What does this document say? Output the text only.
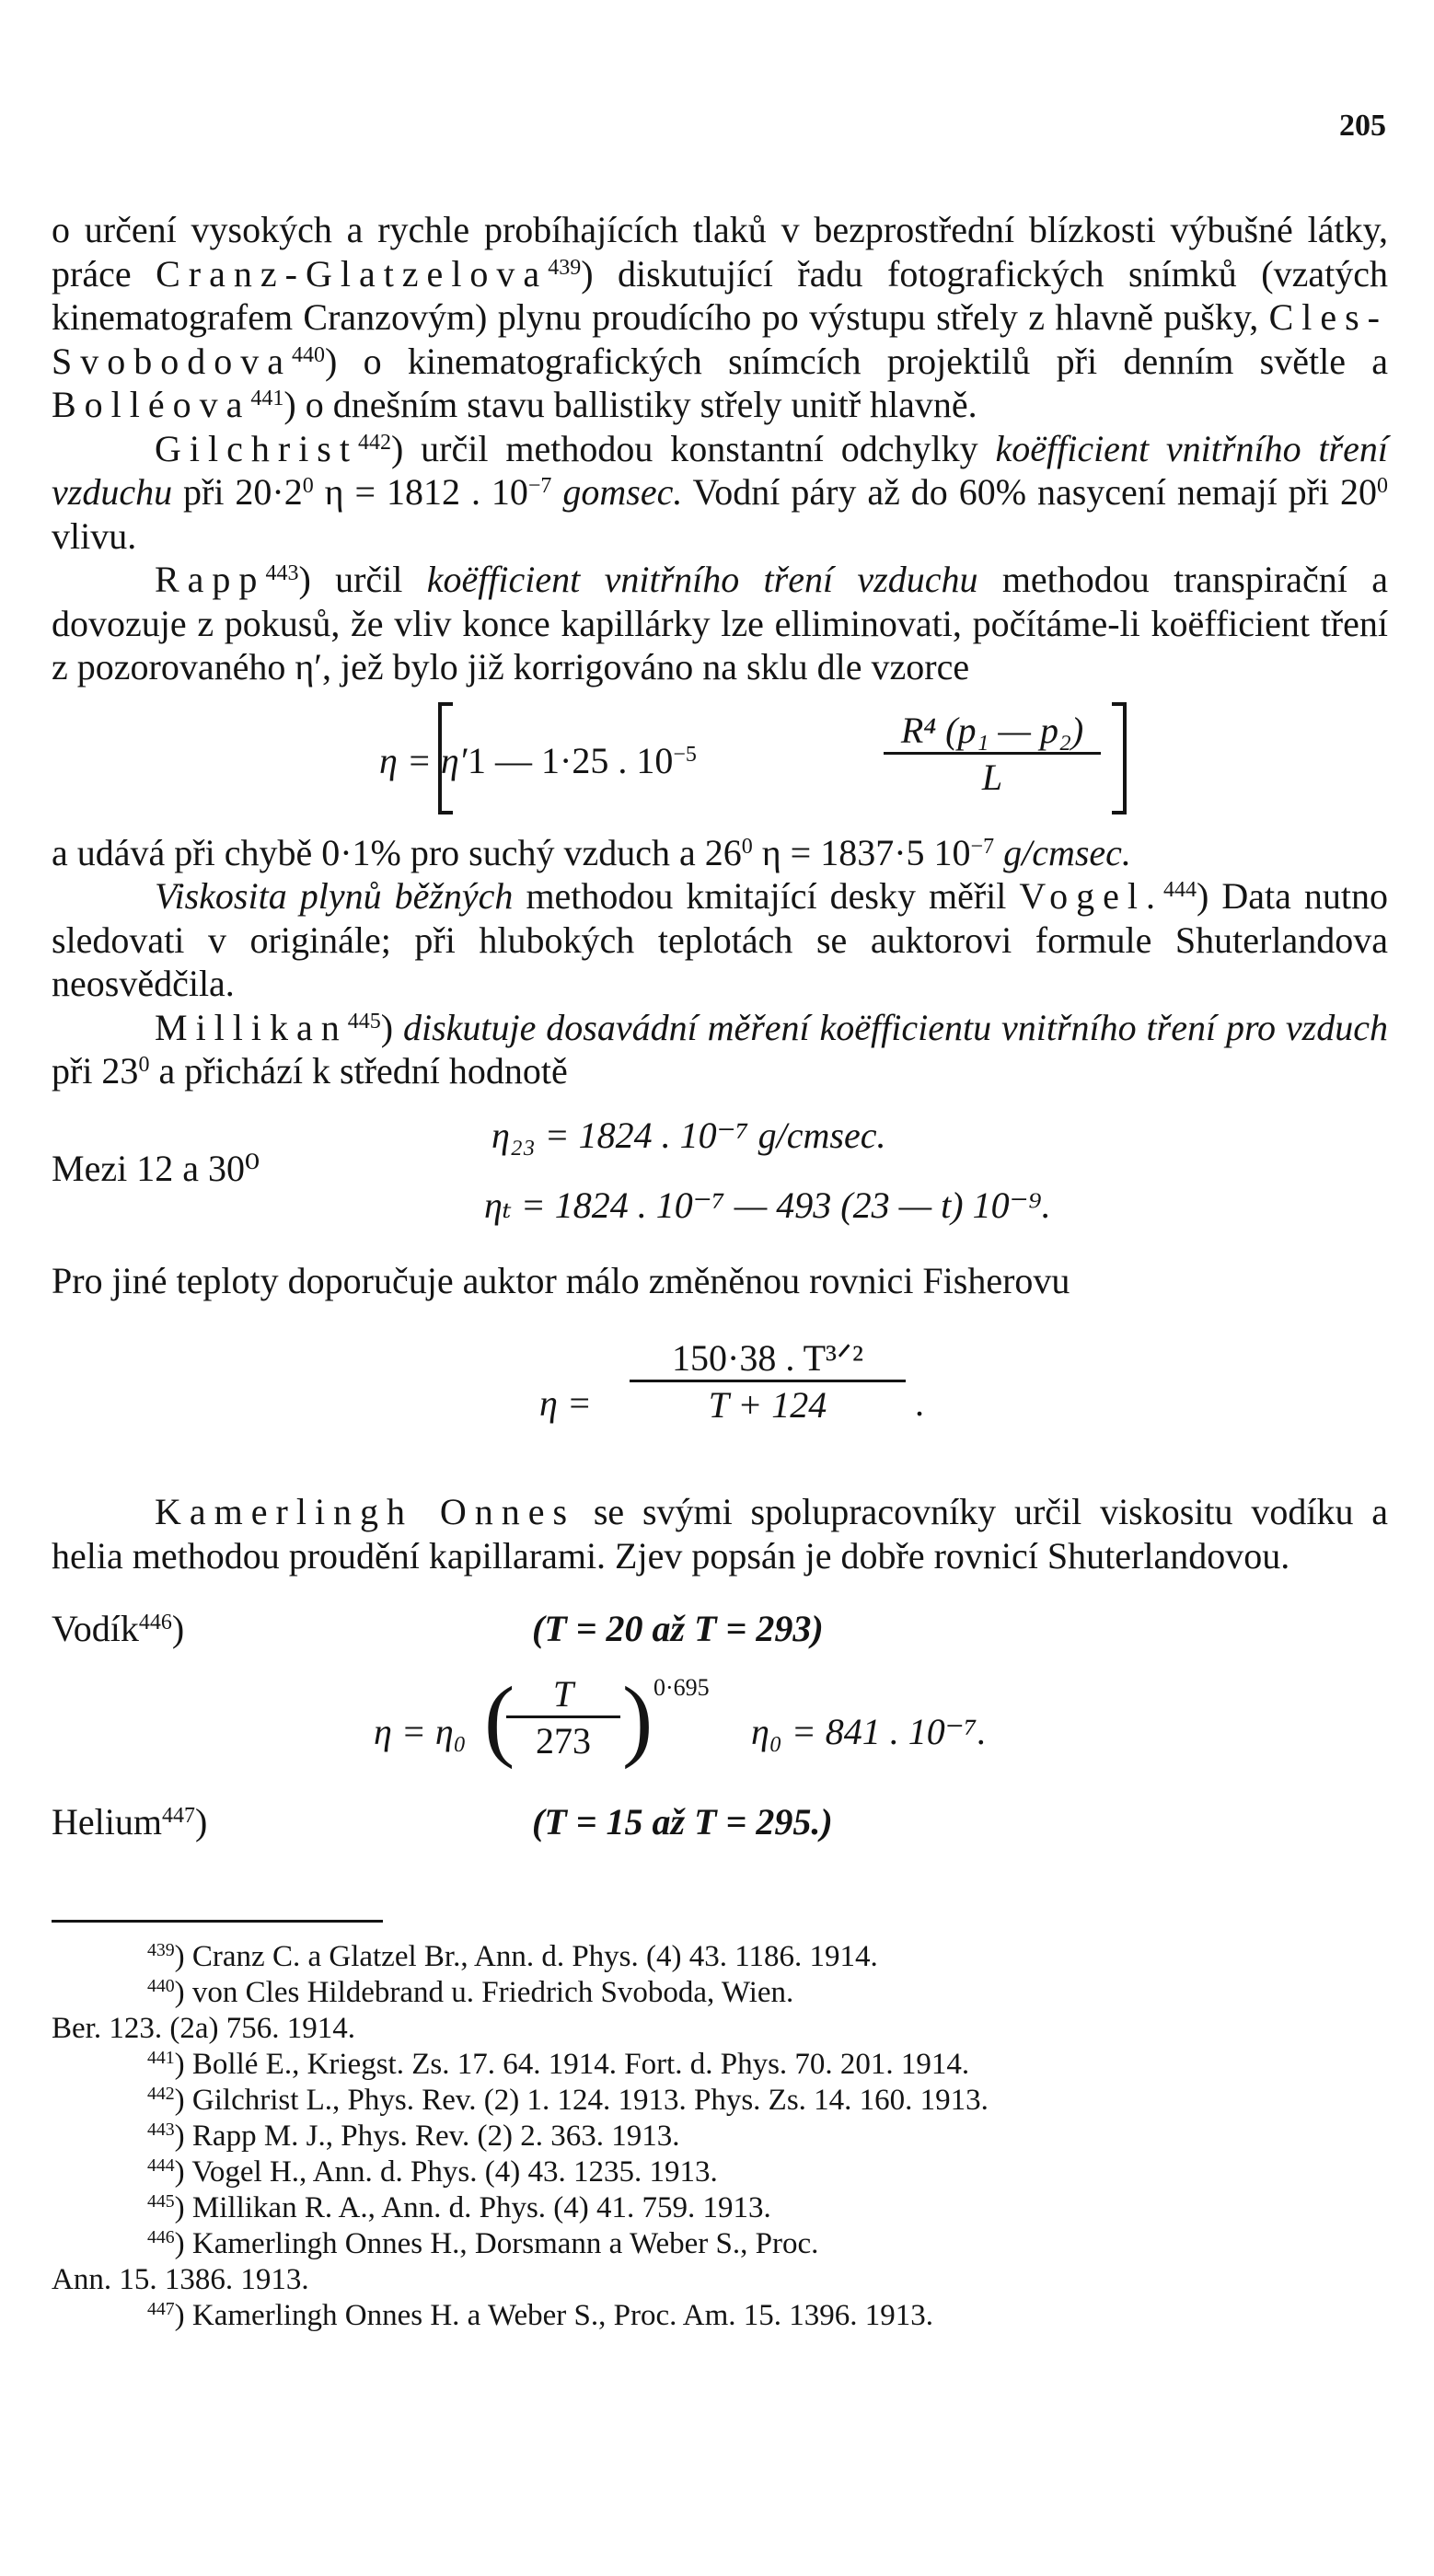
205

o určení vysokých a rychle probíhajících tlaků v bezprostřední blízkosti výbušné látky, práce Cranz-Glatzelova$^{439}$) diskutující řadu fotografických snímků (vzatých kinematografem Cranzovým) plynu proudícího po výstupu střely z hlavně pušky, Cles-Svobodova$^{440}$) o kinematografických snímcích projektilů při denním světle a Bolléova$^{441}$) o dnešním stavu ballistiky střely unitř hlavně.

Gilchrist$^{442}$) určil methodou konstantní odchylky koëfficient vnitřního tření vzduchu při $20\cdot 2^0$ η = 1812 . $10^{-7}$ gomsec. Vodní páry až do 60% nasycení nemají při $20^0$ vlivu.

Rapp$^{443}$) určil koëfficient vnitřního tření vzduchu methodou transpirační a dovozuje z pokusů, že vliv konce kapillárky lze elliminovati, počítáme-li koëfficient tření z pozorovaného η′, jež bylo již korrigováno na sklu dle vzorce

η = η′ 1 — 1·25 . $10^{-5}$	$\frac{\text{R⁴ (p₁ — p₂)}}{L}$

a udává při chybě 0·1% pro suchý vzduch a $26^0$ η = 1837·5 $10^{-7}$ g/cmsec.

Viskosita plynů běžných methodou kmitající desky měřil Vogel.$^{444}$) Data nutno sledovati v originále; při hlubokých teplotách se auktorovi formule Shuterlandova neosvědčila.

Millikan$^{445}$) diskutuje dosavádní měření koëfficientu vnitřního tření pro vzduch při $23^0$ a přichází k střední hodnotě

Mezi 12 a 30⁰
η₂₃ = 1824 . 10⁻⁷ g/cmsec.
ηₜ = 1824 . 10⁻⁷ — 493 (23 — t) 10⁻⁹.

Pro jiné teploty doporučuje auktor málo změněnou rovnici Fisherovu

η =
150·38 . T³ᐟ²
T + 124	.

Kamerlingh Onnes se svými spolupracovníky určil viskositu vodíku a helia methodou proudění kapillarami. Zjev popsán je dobře rovnicí Shuterlandovou.

Vodík$^{446}$)	(T = 20 až T = 293)
η = η₀ (
$\frac{T}{273}$ ) 0·695
η₀ = 841 . 10⁻⁷.
Helium$^{447}$)	(T = 15 až T = 295.)

$^{439}$) Cranz C. a Glatzel Br., Ann. d. Phys. (4) 43. 1186. 1914.

$^{440}$) von Cles Hildebrand u. Friedrich Svoboda, Wien.

Ber. 123. (2a) 756. 1914.

$^{441}$) Bollé E., Kriegst. Zs. 17. 64. 1914. Fort. d. Phys. 70. 201. 1914.

$^{442}$) Gilchrist L., Phys. Rev. (2) 1. 124. 1913. Phys. Zs. 14. 160. 1913.

$^{443}$) Rapp M. J., Phys. Rev. (2) 2. 363. 1913.

$^{444}$) Vogel H., Ann. d. Phys. (4) 43. 1235. 1913.

$^{445}$) Millikan R. A., Ann. d. Phys. (4) 41. 759. 1913.

$^{446}$) Kamerlingh Onnes H., Dorsmann a Weber S., Proc.

Ann. 15. 1386. 1913.

$^{447}$) Kamerlingh Onnes H. a Weber S., Proc. Am. 15. 1396. 1913.
